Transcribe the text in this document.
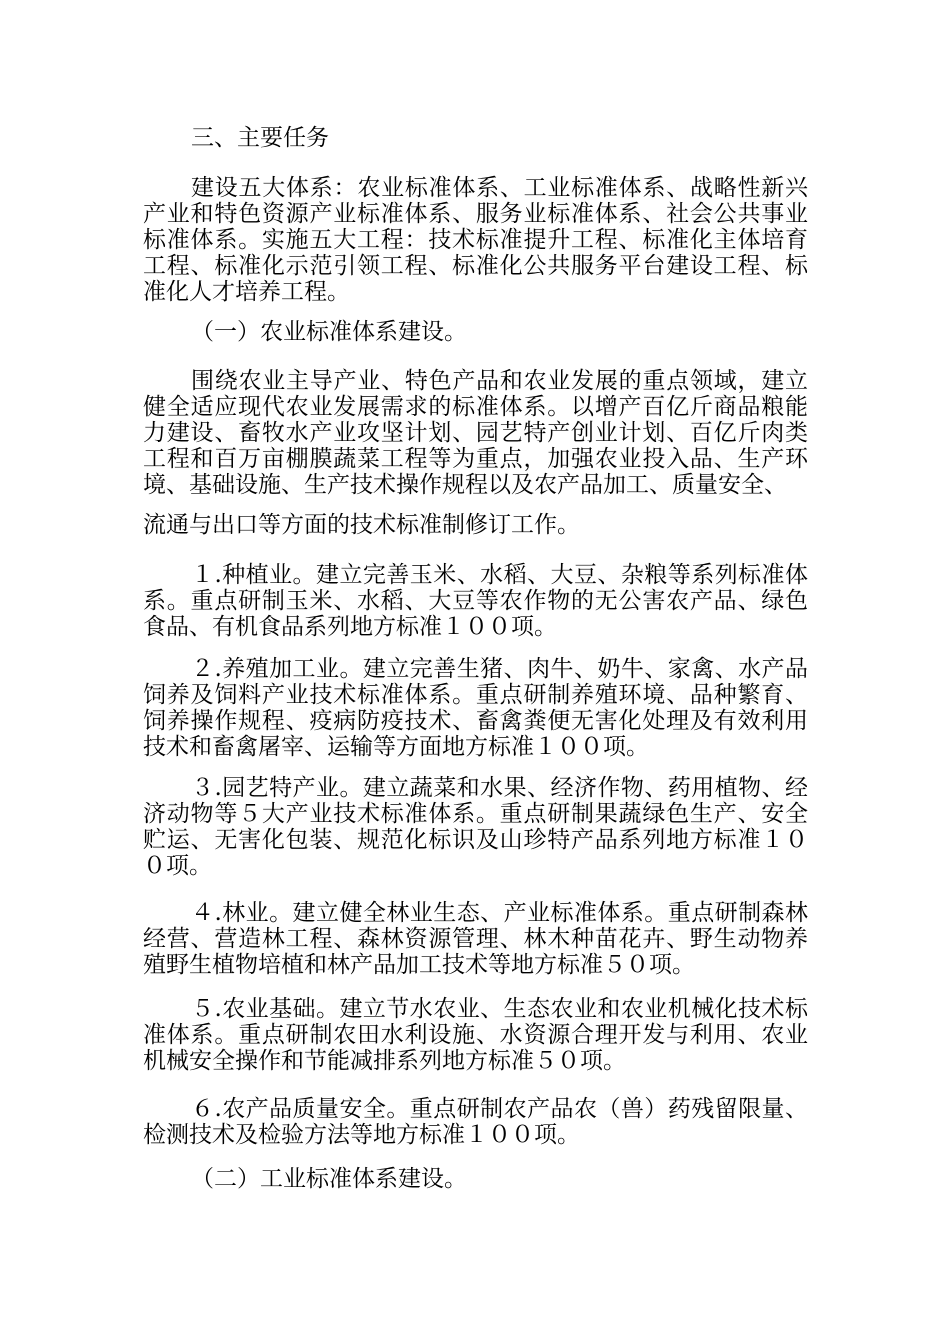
三、主要任务

建设五大体系：农业标准体系、工业标准体系、战略性新兴产业和特色资源产业标准体系、服务业标准体系、社会公共事业标准体系。实施五大工程：技术标准提升工程、标准化主体培育工程、标准化示范引领工程、标准化公共服务平台建设工程、标准化人才培养工程。

（一）农业标准体系建设。

围绕农业主导产业、特色产品和农业发展的重点领域，建立健全适应现代农业发展需求的标准体系。以增产百亿斤商品粮能力建设、畜牧水产业攻坚计划、园艺特产创业计划、百亿斤肉类工程和百万亩棚膜蔬菜工程等为重点，加强农业投入品、生产环境、基础设施、生产技术操作规程以及农产品加工、质量安全、

流通与出口等方面的技术标准制修订工作。

１.种植业。建立完善玉米、水稻、大豆、杂粮等系列标准体系。重点研制玉米、水稻、大豆等农作物的无公害农产品、绿色食品、有机食品系列地方标准１００项。

２.养殖加工业。建立完善生猪、肉牛、奶牛、家禽、水产品饲养及饲料产业技术标准体系。重点研制养殖环境、品种繁育、饲养操作规程、疫病防疫技术、畜禽粪便无害化处理及有效利用技术和畜禽屠宰、运输等方面地方标准１００项。

３.园艺特产业。建立蔬菜和水果、经济作物、药用植物、经济动物等５大产业技术标准体系。重点研制果蔬绿色生产、安全贮运、无害化包装、规范化标识及山珍特产品系列地方标准１００项。

４.林业。建立健全林业生态、产业标准体系。重点研制森林经营、营造林工程、森林资源管理、林木种苗花卉、野生动物养殖野生植物培植和林产品加工技术等地方标准５０项。

５.农业基础。建立节水农业、生态农业和农业机械化技术标准体系。重点研制农田水利设施、水资源合理开发与利用、农业机械安全操作和节能减排系列地方标准５０项。

６.农产品质量安全。重点研制农产品农（兽）药残留限量、检测技术及检验方法等地方标准１００项。

（二）工业标准体系建设。
